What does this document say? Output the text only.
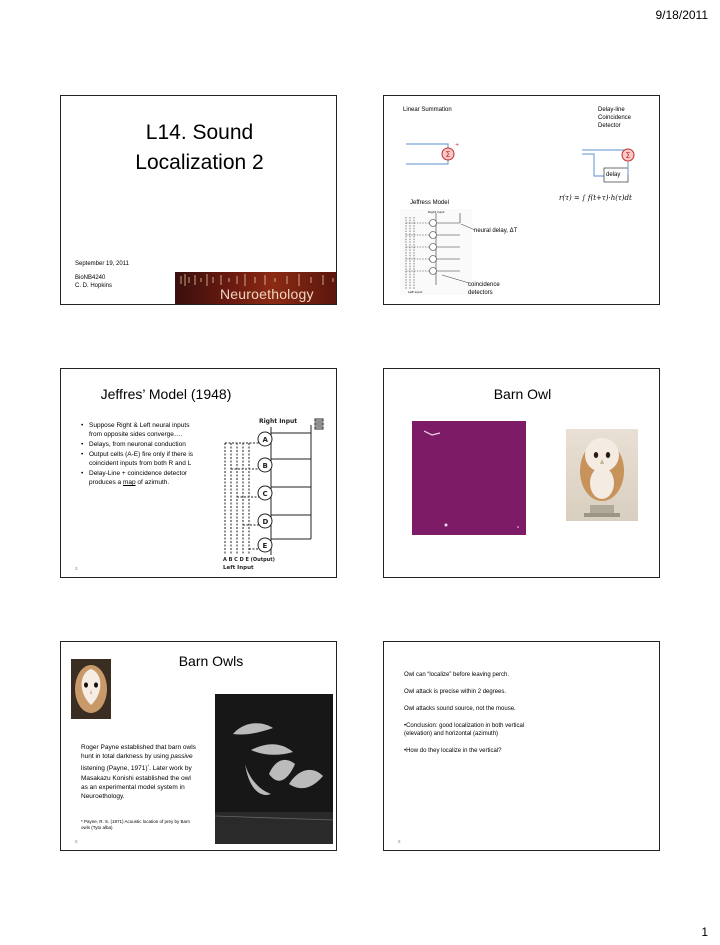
9/18/2011
L14. Sound
Localization 2
September 19, 2011
BioNB4240
C. D. Hopkins	Neuroethology
Linear Summation	Delay-line
Coincidence
Detector
Σ
+
Σ
delay
r(τ) = ∫ f(t+τ)·h(τ)dt
Jeffress Model
Right input
Left input
neural delay, ΔT
coincidence
detectors
Jeffres’ Model (1948)
• Suppose Right & Left neural inputs from opposite sides converge….
• Delays, from neuronal conduction
• Output cells (A-E) fire only if there is coincident inputs from both R and L
• Delay-Line + coincidence detector produces a map of azimuth.
A
B
C
D
E
Right Input
A B C D E (Output)
Left Input
3
Barn Owl
Barn Owls
Roger Payne established that barn owls hunt in total darkness by using passive listening (Payne, 1971)*. Later work by Masakazu Konishi established the owl as an experimental model system in Neuroethology.
* Payne, R. S. (1971) Acoustic location of prey by Barn owls (Tyto alba)
5

Owl can “localize” before leaving perch.

Owl attack is precise within 2 degrees.

Owl attacks sound source, not the mouse.

•Conclusion: good localization in both vertical
(elevation) and horizontal (azimuth)

•How do they localize in the vertical?

6
1
